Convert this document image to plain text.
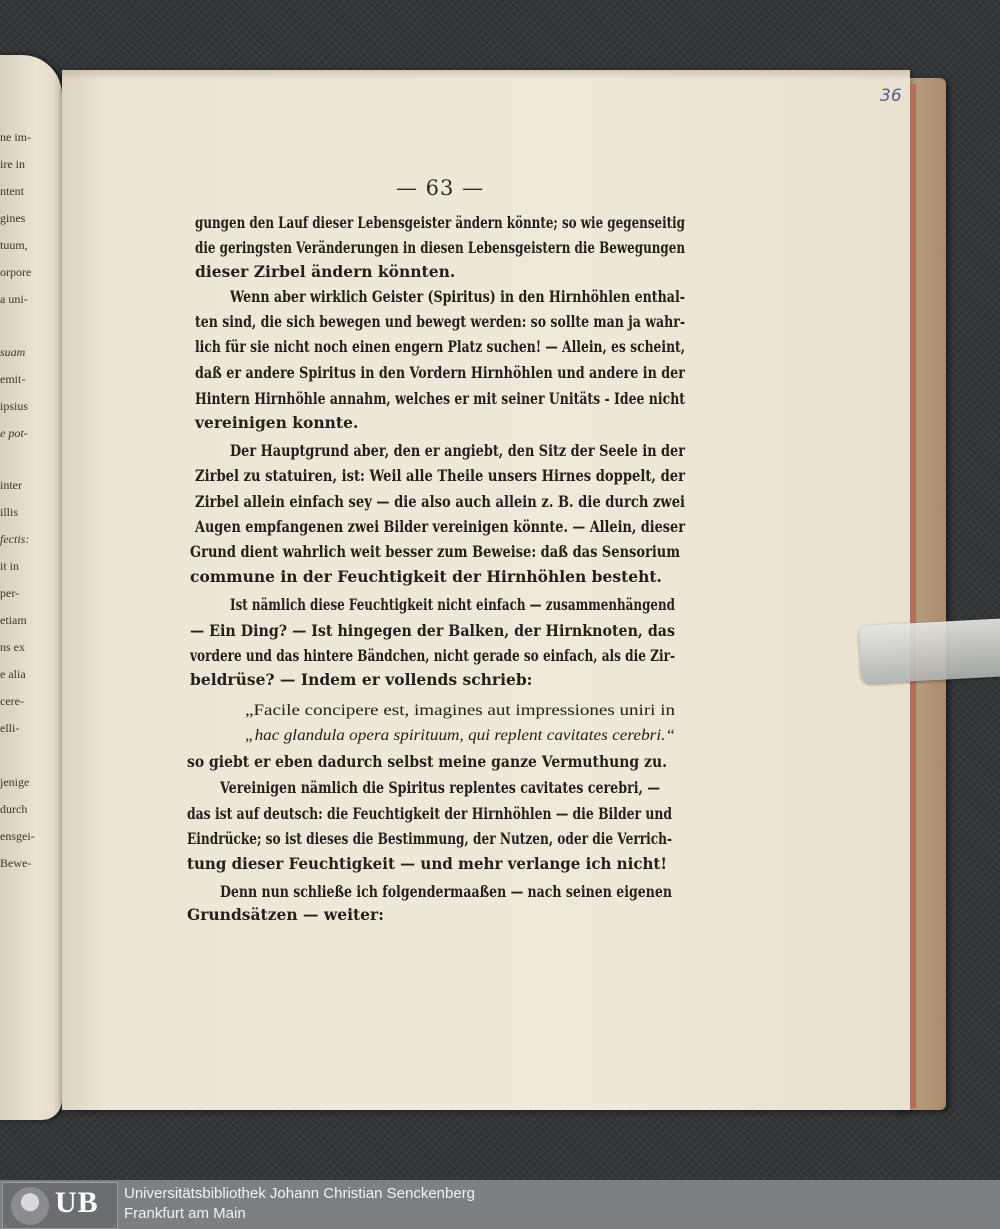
ne im-
ire in
ntent
gines
tuum,
orpore
a uni-
suam
emit-
ipsius
e pot-
inter
illis
fectis:
it in
per-
etiam
ns ex
e alia
cere-
elli-
jenige
durch
ensgei-
Bewe-
36
— 63 —
gungen den Lauf dieser Lebensgeister ändern könnte; so wie gegenseitig
die geringsten Veränderungen in diesen Lebensgeistern die Bewegungen
dieser Zirbel ändern könnten.
Wenn aber wirklich Geister (Spiritus) in den Hirnhöhlen enthal-
ten sind, die sich bewegen und bewegt werden: so sollte man ja wahr-
lich für sie nicht noch einen engern Platz suchen! — Allein, es scheint,
daß er andere Spiritus in den Vordern Hirnhöhlen und andere in der
Hintern Hirnhöhle annahm, welches er mit seiner Unitäts - Idee nicht
vereinigen konnte.
Der Hauptgrund aber, den er angiebt, den Sitz der Seele in der
Zirbel zu statuiren, ist: Weil alle Theile unsers Hirnes doppelt, der
Zirbel allein einfach sey — die also auch allein z. B. die durch zwei
Augen empfangenen zwei Bilder vereinigen könnte. — Allein, dieser
Grund dient wahrlich weit besser zum Beweise: daß das Sensorium
commune in der Feuchtigkeit der Hirnhöhlen besteht.
Ist nämlich diese Feuchtigkeit nicht einfach — zusammenhängend
— Ein Ding? — Ist hingegen der Balken, der Hirnknoten, das
vordere und das hintere Bändchen, nicht gerade so einfach, als die Zir-
beldrüse? — Indem er vollends schrieb:
„Facile concipere est, imagines aut impressiones uniri in
„hac glandula opera spirituum, qui replent cavitates cerebri.“
so giebt er eben dadurch selbst meine ganze Vermuthung zu.
Vereinigen nämlich die Spiritus replentes cavitates cerebri, —
das ist auf deutsch: die Feuchtigkeit der Hirnhöhlen — die Bilder und
Eindrücke; so ist dieses die Bestimmung, der Nutzen, oder die Verrich-
tung dieser Feuchtigkeit — und mehr verlange ich nicht!
Denn nun schließe ich folgendermaaßen — nach seinen eigenen
Grundsätzen — weiter:
UB Universitätsbibliothek Johann Christian Senckenberg
Frankfurt am Main
